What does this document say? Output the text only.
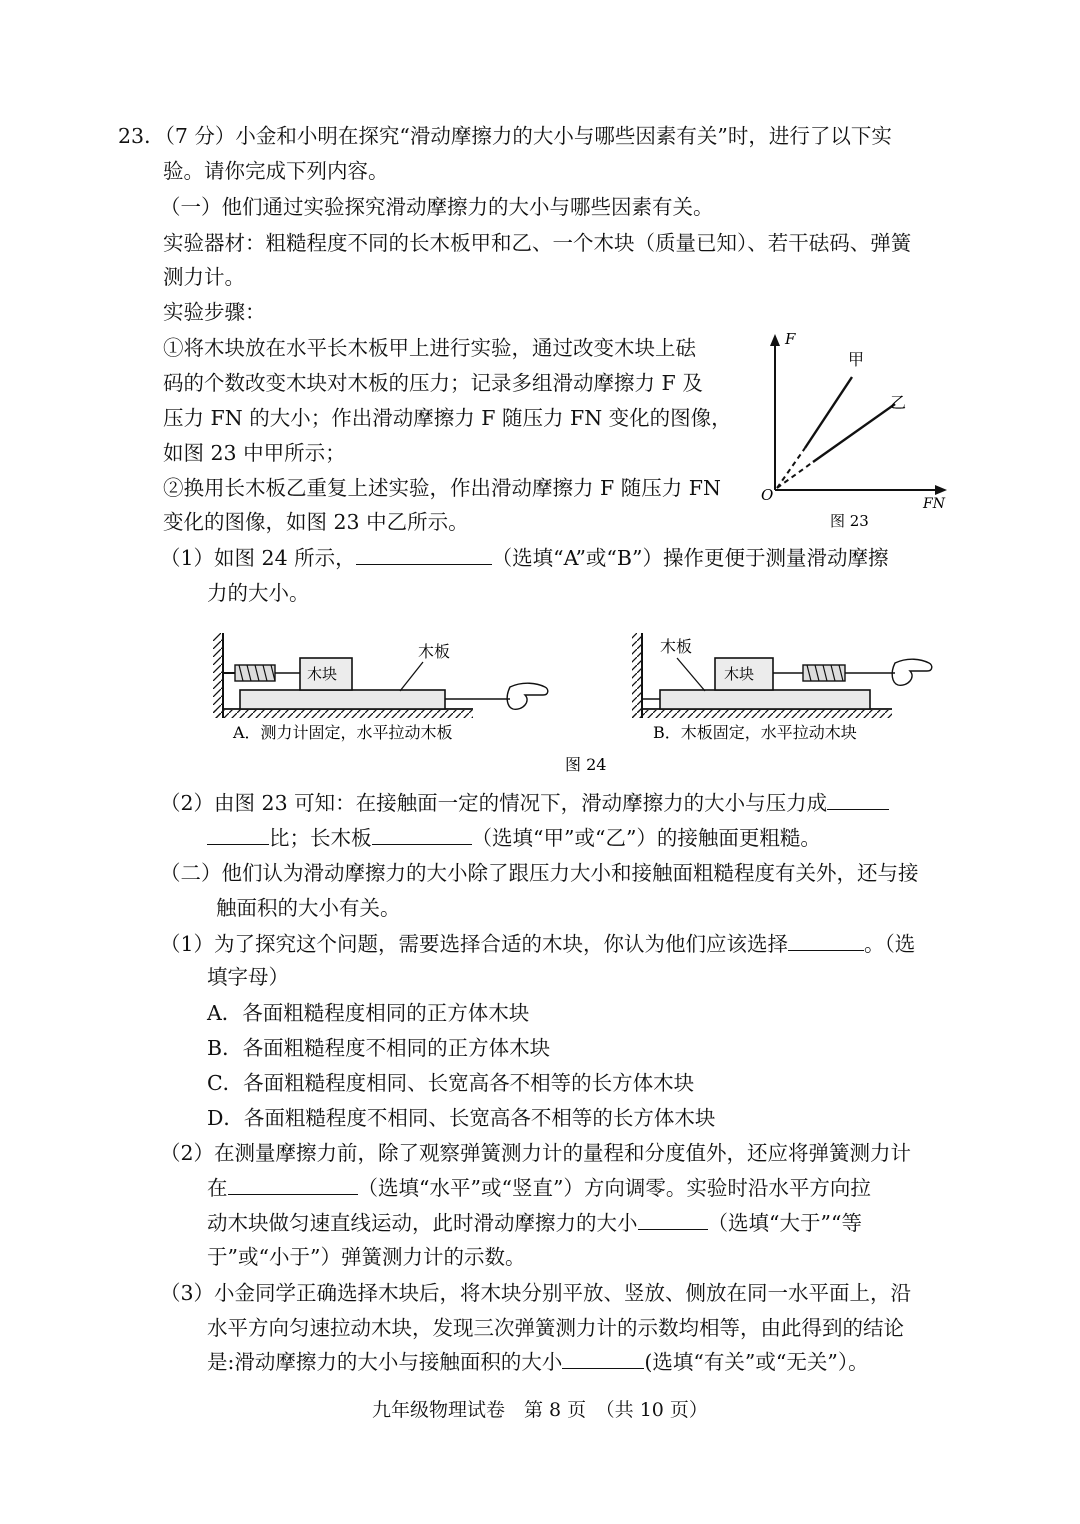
23．（7 分）小金和小明在探究“滑动摩擦力的大小与哪些因素有关”时，进行了以下实
验。请你完成下列内容。
（一）他们通过实验探究滑动摩擦力的大小与哪些因素有关。
实验器材：粗糙程度不同的长木板甲和乙、一个木块（质量已知）、若干砝码、弹簧
测力计。
实验步骤：
①将木块放在水平长木板甲上进行实验，通过改变木块上砝
码的个数改变木块对木板的压力；记录多组滑动摩擦力 F 及
压力 FN 的大小；作出滑动摩擦力 F 随压力 FN 变化的图像，
如图 23 中甲所示；
②换用长木板乙重复上述实验，作出滑动摩擦力 F 随压力 FN
变化的图像，如图 23 中乙所示。
F
O
甲
乙
FN
图 23
（1）如图 24 所示，	（选填“A”或“B”）操作更便于测量滑动摩擦
力的大小。
木块
木板
A．测力计固定，水平拉动木板
木块
木板
B．木板固定，水平拉动木块
图 24
（2）由图 23 可知：在接触面一定的情况下，滑动摩擦力的大小与压力成
比；长木板	（选填“甲”或“乙”）的接触面更粗糙。
（二）他们认为滑动摩擦力的大小除了跟压力大小和接触面粗糙程度有关外，还与接
触面积的大小有关。
（1）为了探究这个问题，需要选择合适的木块，你认为他们应该选择	。（选
填字母）
A．各面粗糙程度相同的正方体木块
B．各面粗糙程度不相同的正方体木块
C．各面粗糙程度相同、长宽高各不相等的长方体木块
D．各面粗糙程度不相同、长宽高各不相等的长方体木块
（2）在测量摩擦力前，除了观察弹簧测力计的量程和分度值外，还应将弹簧测力计
在	（选填“水平”或“竖直”）方向调零。实验时沿水平方向拉
动木块做匀速直线运动，此时滑动摩擦力的大小	（选填“大于”“等
于”或“小于”）弹簧测力计的示数。
（3）小金同学正确选择木块后，将木块分别平放、竖放、侧放在同一水平面上，沿
水平方向匀速拉动木块，发现三次弹簧测力计的示数均相等，由此得到的结论
是:滑动摩擦力的大小与接触面积的大小	(选填“有关”或“无关”）。
九年级物理试卷　第 8 页　（共 10 页）
